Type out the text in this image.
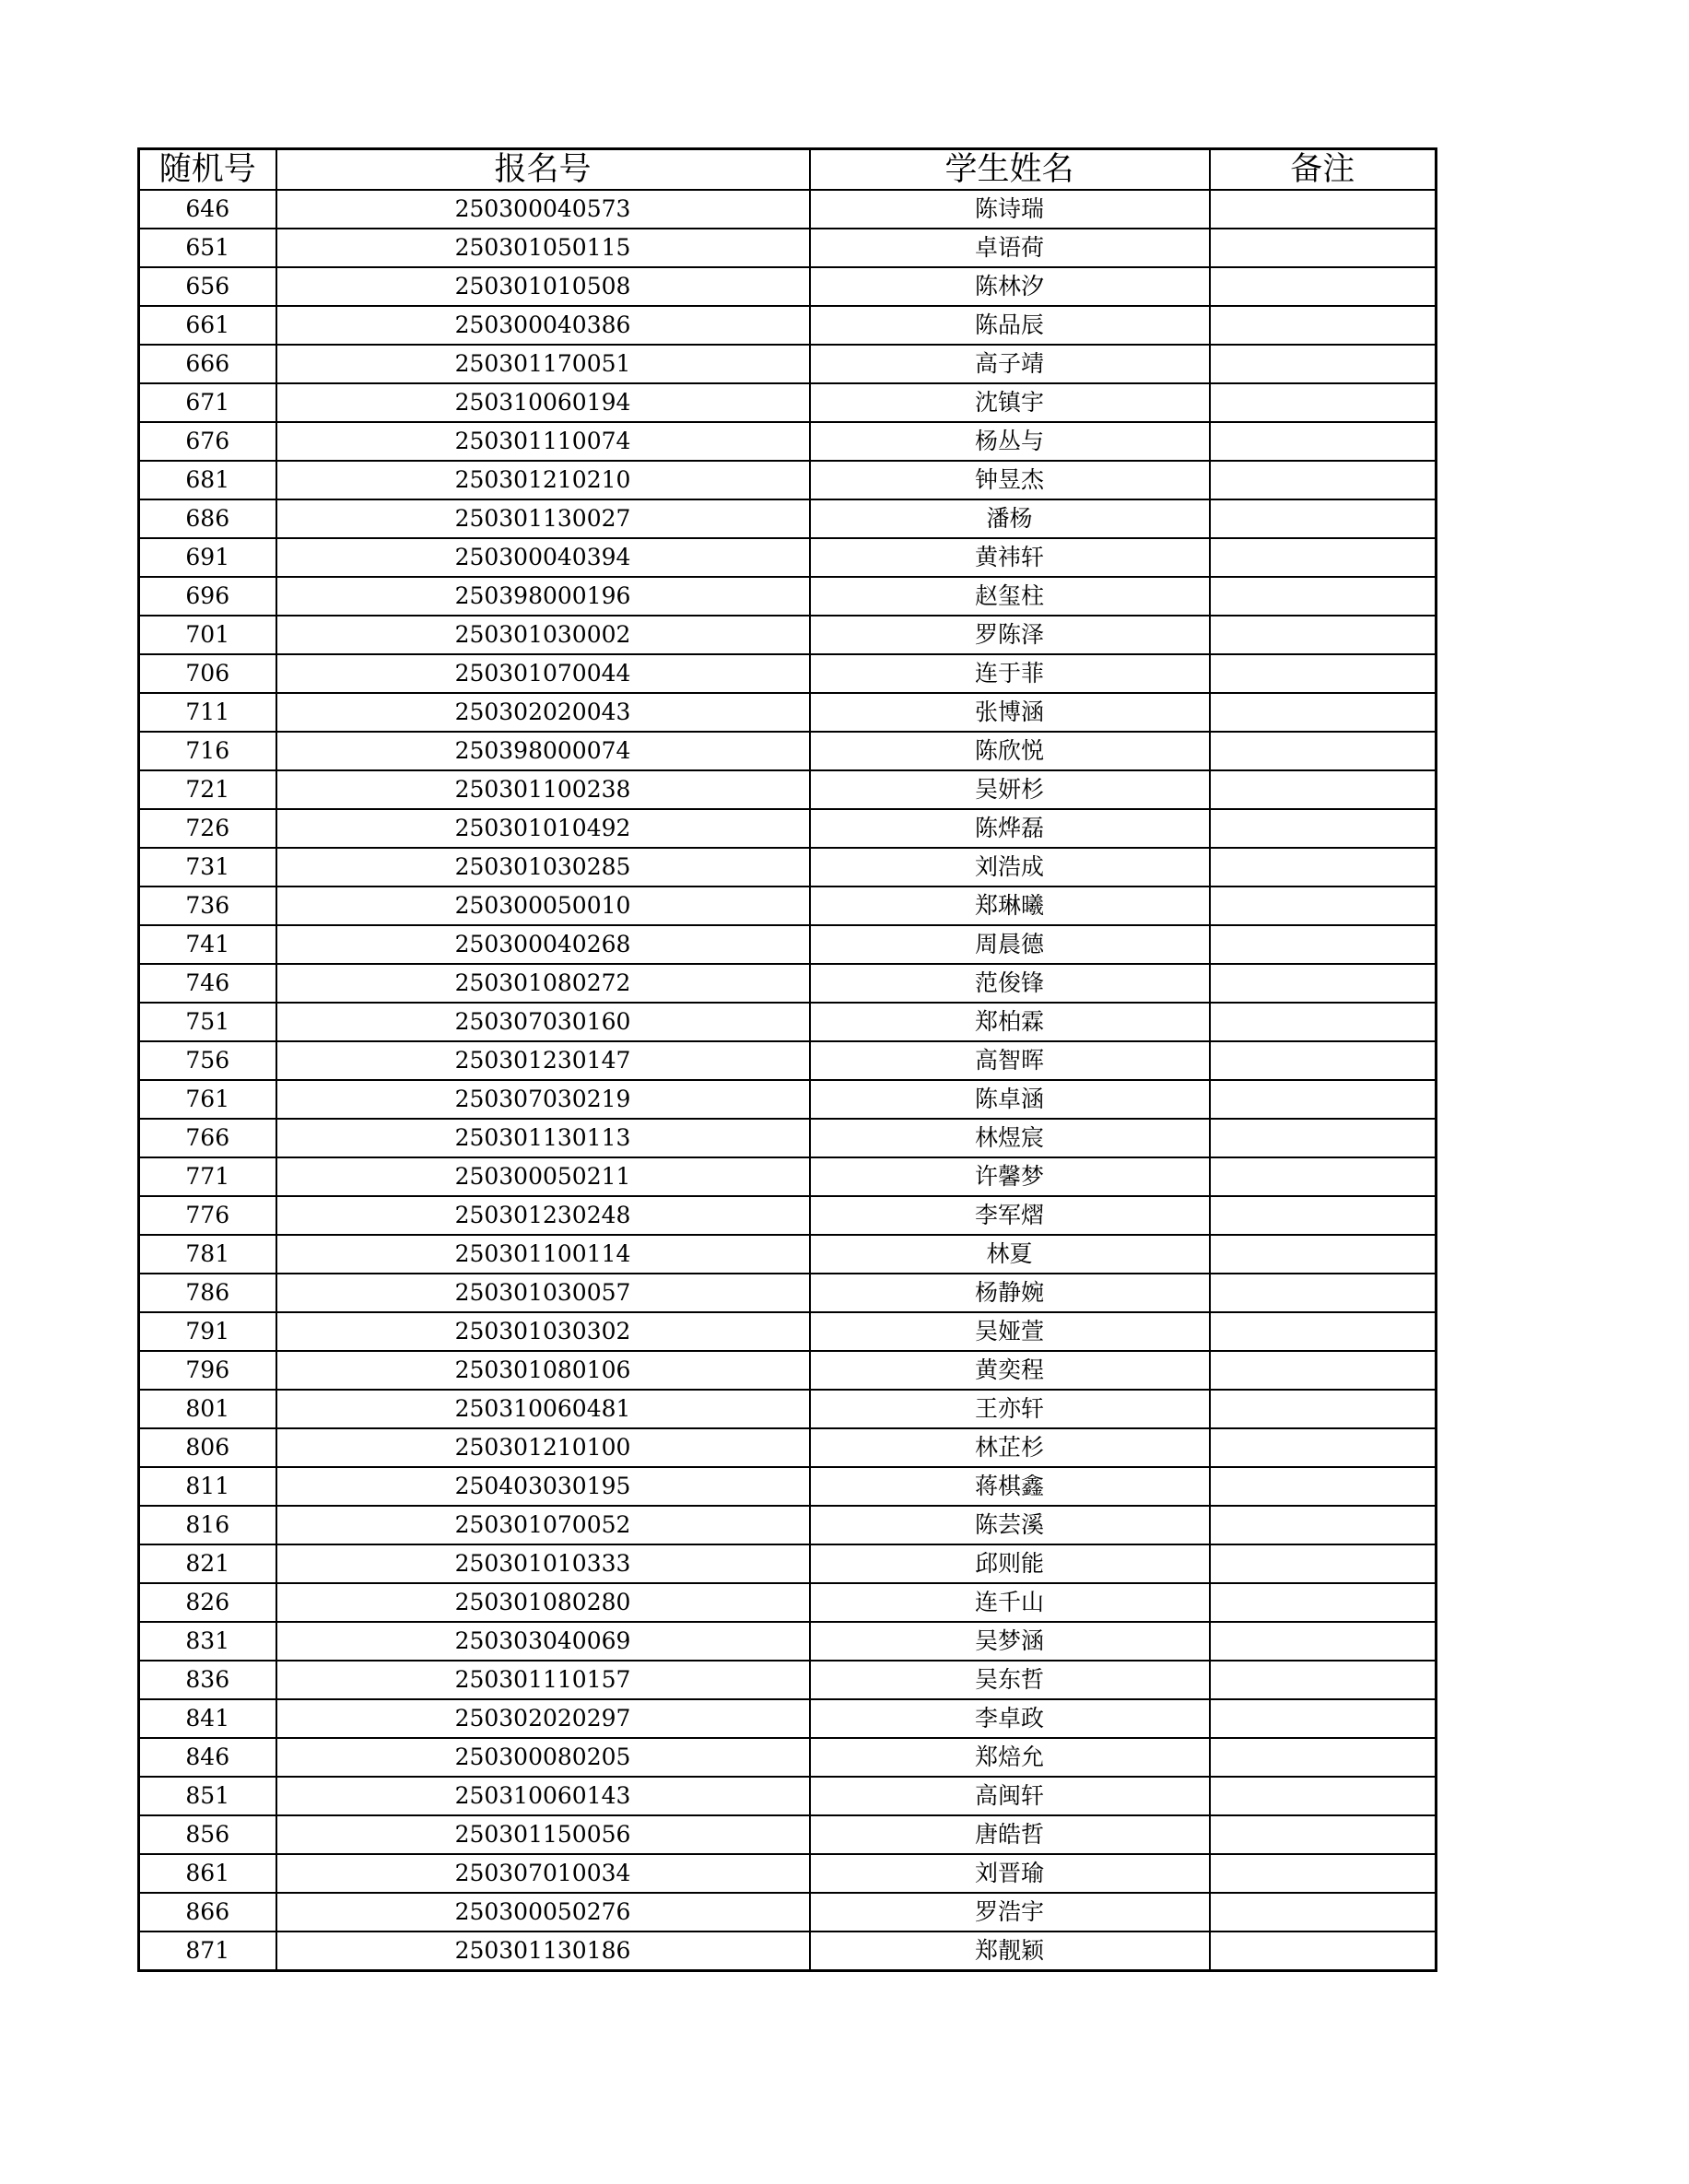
随机号	报名号	学生姓名	备注
646	250300040573	陈诗瑞	
651	250301050115	卓语荷	
656	250301010508	陈林汐	
661	250300040386	陈品辰	
666	250301170051	高子靖	
671	250310060194	沈镇宇	
676	250301110074	杨丛与	
681	250301210210	钟昱杰	
686	250301130027	潘杨	
691	250300040394	黄祎轩	
696	250398000196	赵玺柱	
701	250301030002	罗陈泽	
706	250301070044	连于菲	
711	250302020043	张博涵	
716	250398000074	陈欣悦	
721	250301100238	吴妍杉	
726	250301010492	陈烨磊	
731	250301030285	刘浩成	
736	250300050010	郑琳曦	
741	250300040268	周晨德	
746	250301080272	范俊锋	
751	250307030160	郑柏霖	
756	250301230147	高智晖	
761	250307030219	陈卓涵	
766	250301130113	林煜宸	
771	250300050211	许馨梦	
776	250301230248	李军熠	
781	250301100114	林夏	
786	250301030057	杨静婉	
791	250301030302	吴娅萱	
796	250301080106	黄奕程	
801	250310060481	王亦轩	
806	250301210100	林芷杉	
811	250403030195	蒋棋鑫	
816	250301070052	陈芸溪	
821	250301010333	邱则能	
826	250301080280	连千山	
831	250303040069	吴梦涵	
836	250301110157	吴东哲	
841	250302020297	李卓政	
846	250300080205	郑焙允	
851	250310060143	高闽轩	
856	250301150056	唐皓哲	
861	250307010034	刘晋瑜	
866	250300050276	罗浩宇	
871	250301130186	郑靓颖	
